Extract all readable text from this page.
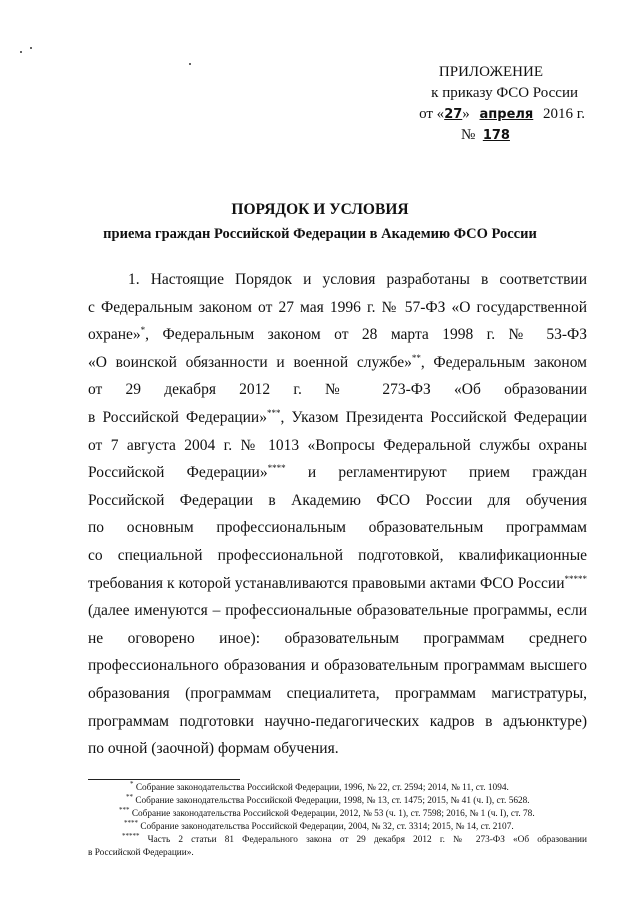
ПРИЛОЖЕНИЕ
к приказу ФСО России
от «27» апреля 2016 г.
№ 178
ПОРЯДОК И УСЛОВИЯ
приема граждан Российской Федерации в Академию ФСО России
1. Настоящие Порядок и условия разработаны в соответствии
с Федеральным законом от 27 мая 1996 г. № 57-ФЗ «О государственной
охране»*, Федеральным законом от 28 марта 1998 г. № 53-ФЗ
«О воинской обязанности и военной службе»**, Федеральным законом
от 29 декабря 2012 г. № 273-ФЗ «Об образовании
в Российской Федерации»***, Указом Президента Российской Федерации
от 7 августа 2004 г. № 1013 «Вопросы Федеральной службы охраны
Российской Федерации»**** и регламентируют прием граждан
Российской Федерации в Академию ФСО России для обучения
по основным профессиональным образовательным программам
со специальной профессиональной подготовкой, квалификационные
требования к которой устанавливаются правовыми актами ФСО России*****
(далее именуются – профессиональные образовательные программы, если
не оговорено иное): образовательным программам среднего
профессионального образования и образовательным программам высшего
образования (программам специалитета, программам магистратуры,
программам подготовки научно-педагогических кадров в адъюнктуре)
по очной (заочной) формам обучения.
* Собрание законодательства Российской Федерации, 1996, № 22, ст. 2594; 2014, № 11, ст. 1094.
** Собрание законодательства Российской Федерации, 1998, № 13, ст. 1475; 2015, № 41 (ч. I), ст. 5628.
*** Собрание законодательства Российской Федерации, 2012, № 53 (ч. 1), ст. 7598; 2016, № 1 (ч. I), ст. 78.
**** Собрание законодательства Российской Федерации, 2004, № 32, ст. 3314; 2015, № 14, ст. 2107.
***** Часть 2 статьи 81 Федерального закона от 29 декабря 2012 г. № 273-ФЗ «Об образовании
в Российской Федерации».
